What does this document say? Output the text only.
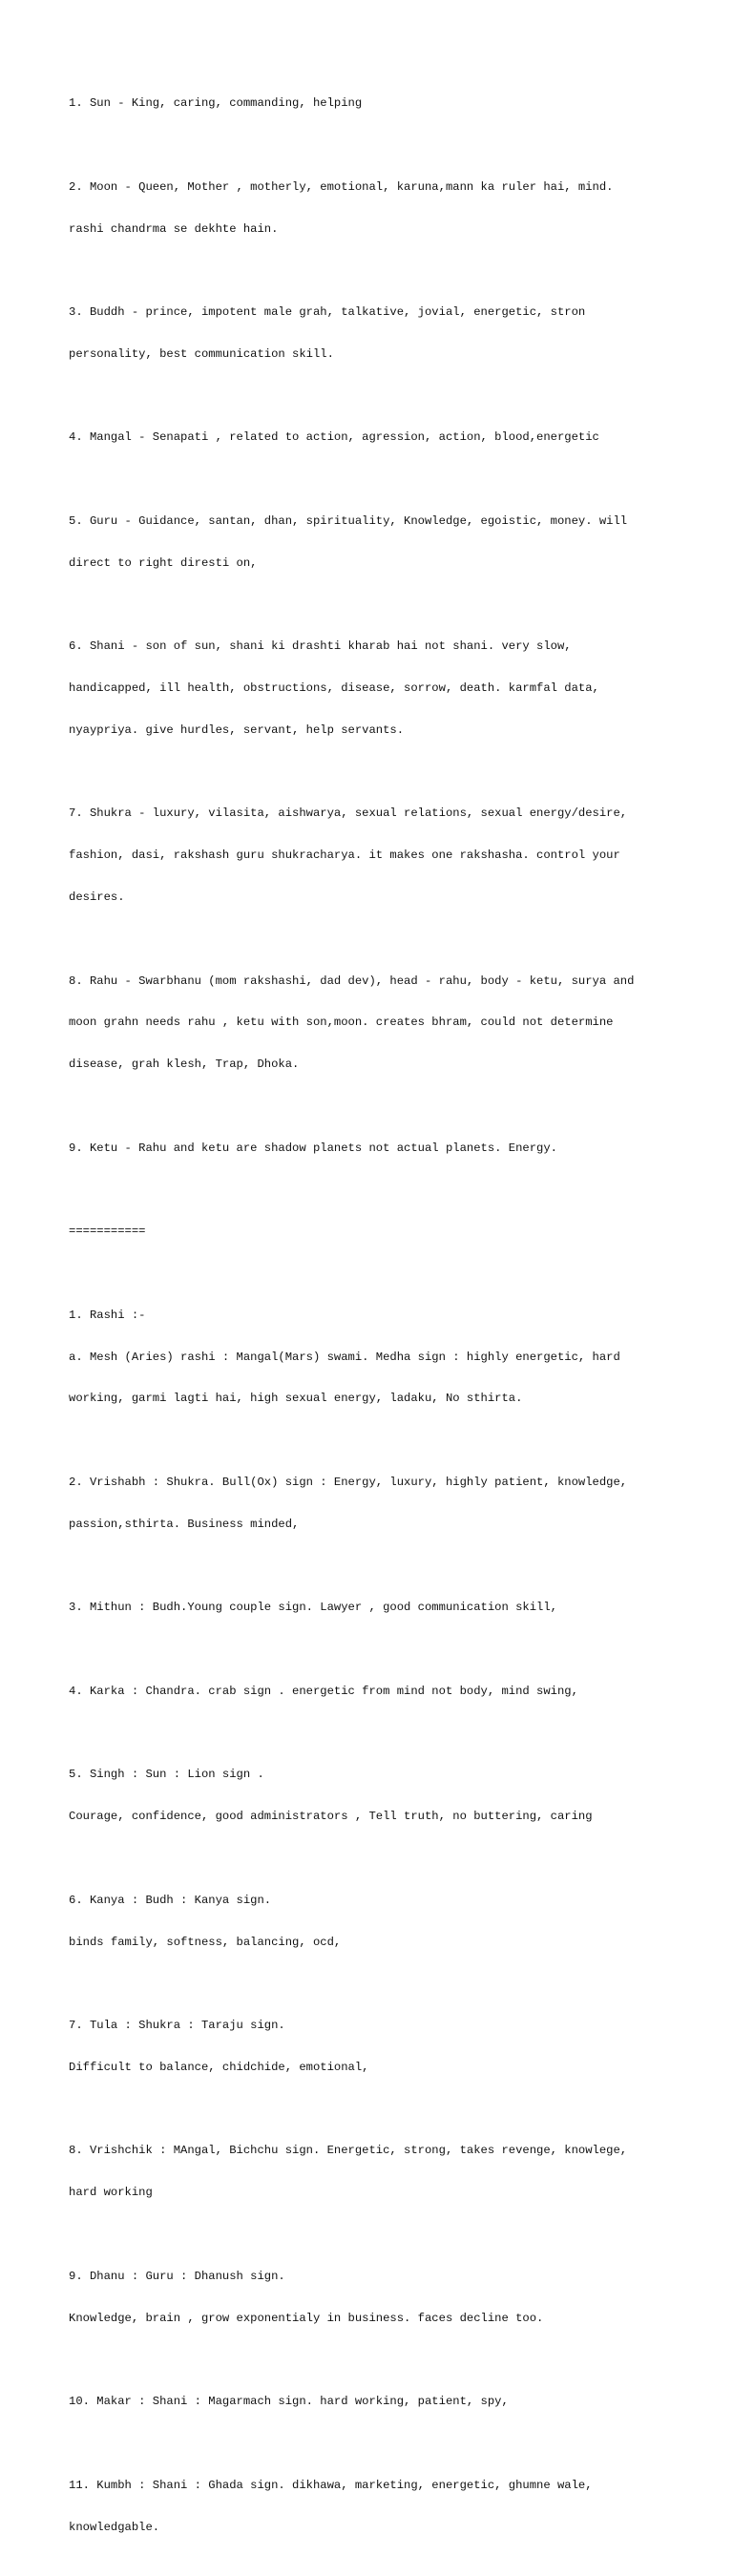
1. Sun - King, caring, commanding, helping

2. Moon - Queen, Mother , motherly, emotional, karuna,mann ka ruler hai, mind.

rashi chandrma se dekhte hain.

3. Buddh - prince, impotent male grah, talkative, jovial, energetic, stron

personality, best communication skill.

4. Mangal - Senapati , related to action, agression, action, blood,energetic

5. Guru - Guidance, santan, dhan, spirituality, Knowledge, egoistic, money. will

direct to right diresti on,

6. Shani - son of sun, shani ki drashti kharab hai not shani. very slow,

handicapped, ill health, obstructions, disease, sorrow, death. karmfal data,

nyaypriya. give hurdles, servant, help servants.

7. Shukra - luxury, vilasita, aishwarya, sexual relations, sexual energy/desire,

fashion, dasi, rakshash guru shukracharya. it makes one rakshasha. control your

desires.

8. Rahu - Swarbhanu (mom rakshashi, dad dev), head - rahu, body - ketu, surya and

moon grahn needs rahu , ketu with son,moon. creates bhram, could not determine

disease, grah klesh, Trap, Dhoka.

9. Ketu - Rahu and ketu are shadow planets not actual planets. Energy.

===========

1. Rashi :-

a. Mesh (Aries) rashi : Mangal(Mars) swami. Medha sign : highly energetic, hard

working, garmi lagti hai, high sexual energy, ladaku, No sthirta.

2. Vrishabh : Shukra. Bull(Ox) sign : Energy, luxury, highly patient, knowledge,

passion,sthirta. Business minded,

3. Mithun : Budh.Young couple sign. Lawyer , good communication skill,

4. Karka : Chandra. crab sign . energetic from mind not body, mind swing,

5. Singh : Sun : Lion sign .

Courage, confidence, good administrators , Tell truth, no buttering, caring

6. Kanya : Budh : Kanya sign.

binds family, softness, balancing, ocd,

7. Tula : Shukra : Taraju sign.

Difficult to balance, chidchide, emotional,

8. Vrishchik : MAngal, Bichchu sign. Energetic, strong, takes revenge, knowlege,

hard working

9. Dhanu : Guru : Dhanush sign.

Knowledge, brain , grow exponentialy in business. faces decline too.

10. Makar : Shani : Magarmach sign. hard working, patient, spy,

11. Kumbh : Shani : Ghada sign. dikhawa, marketing, energetic, ghumne wale,

knowledgable.
